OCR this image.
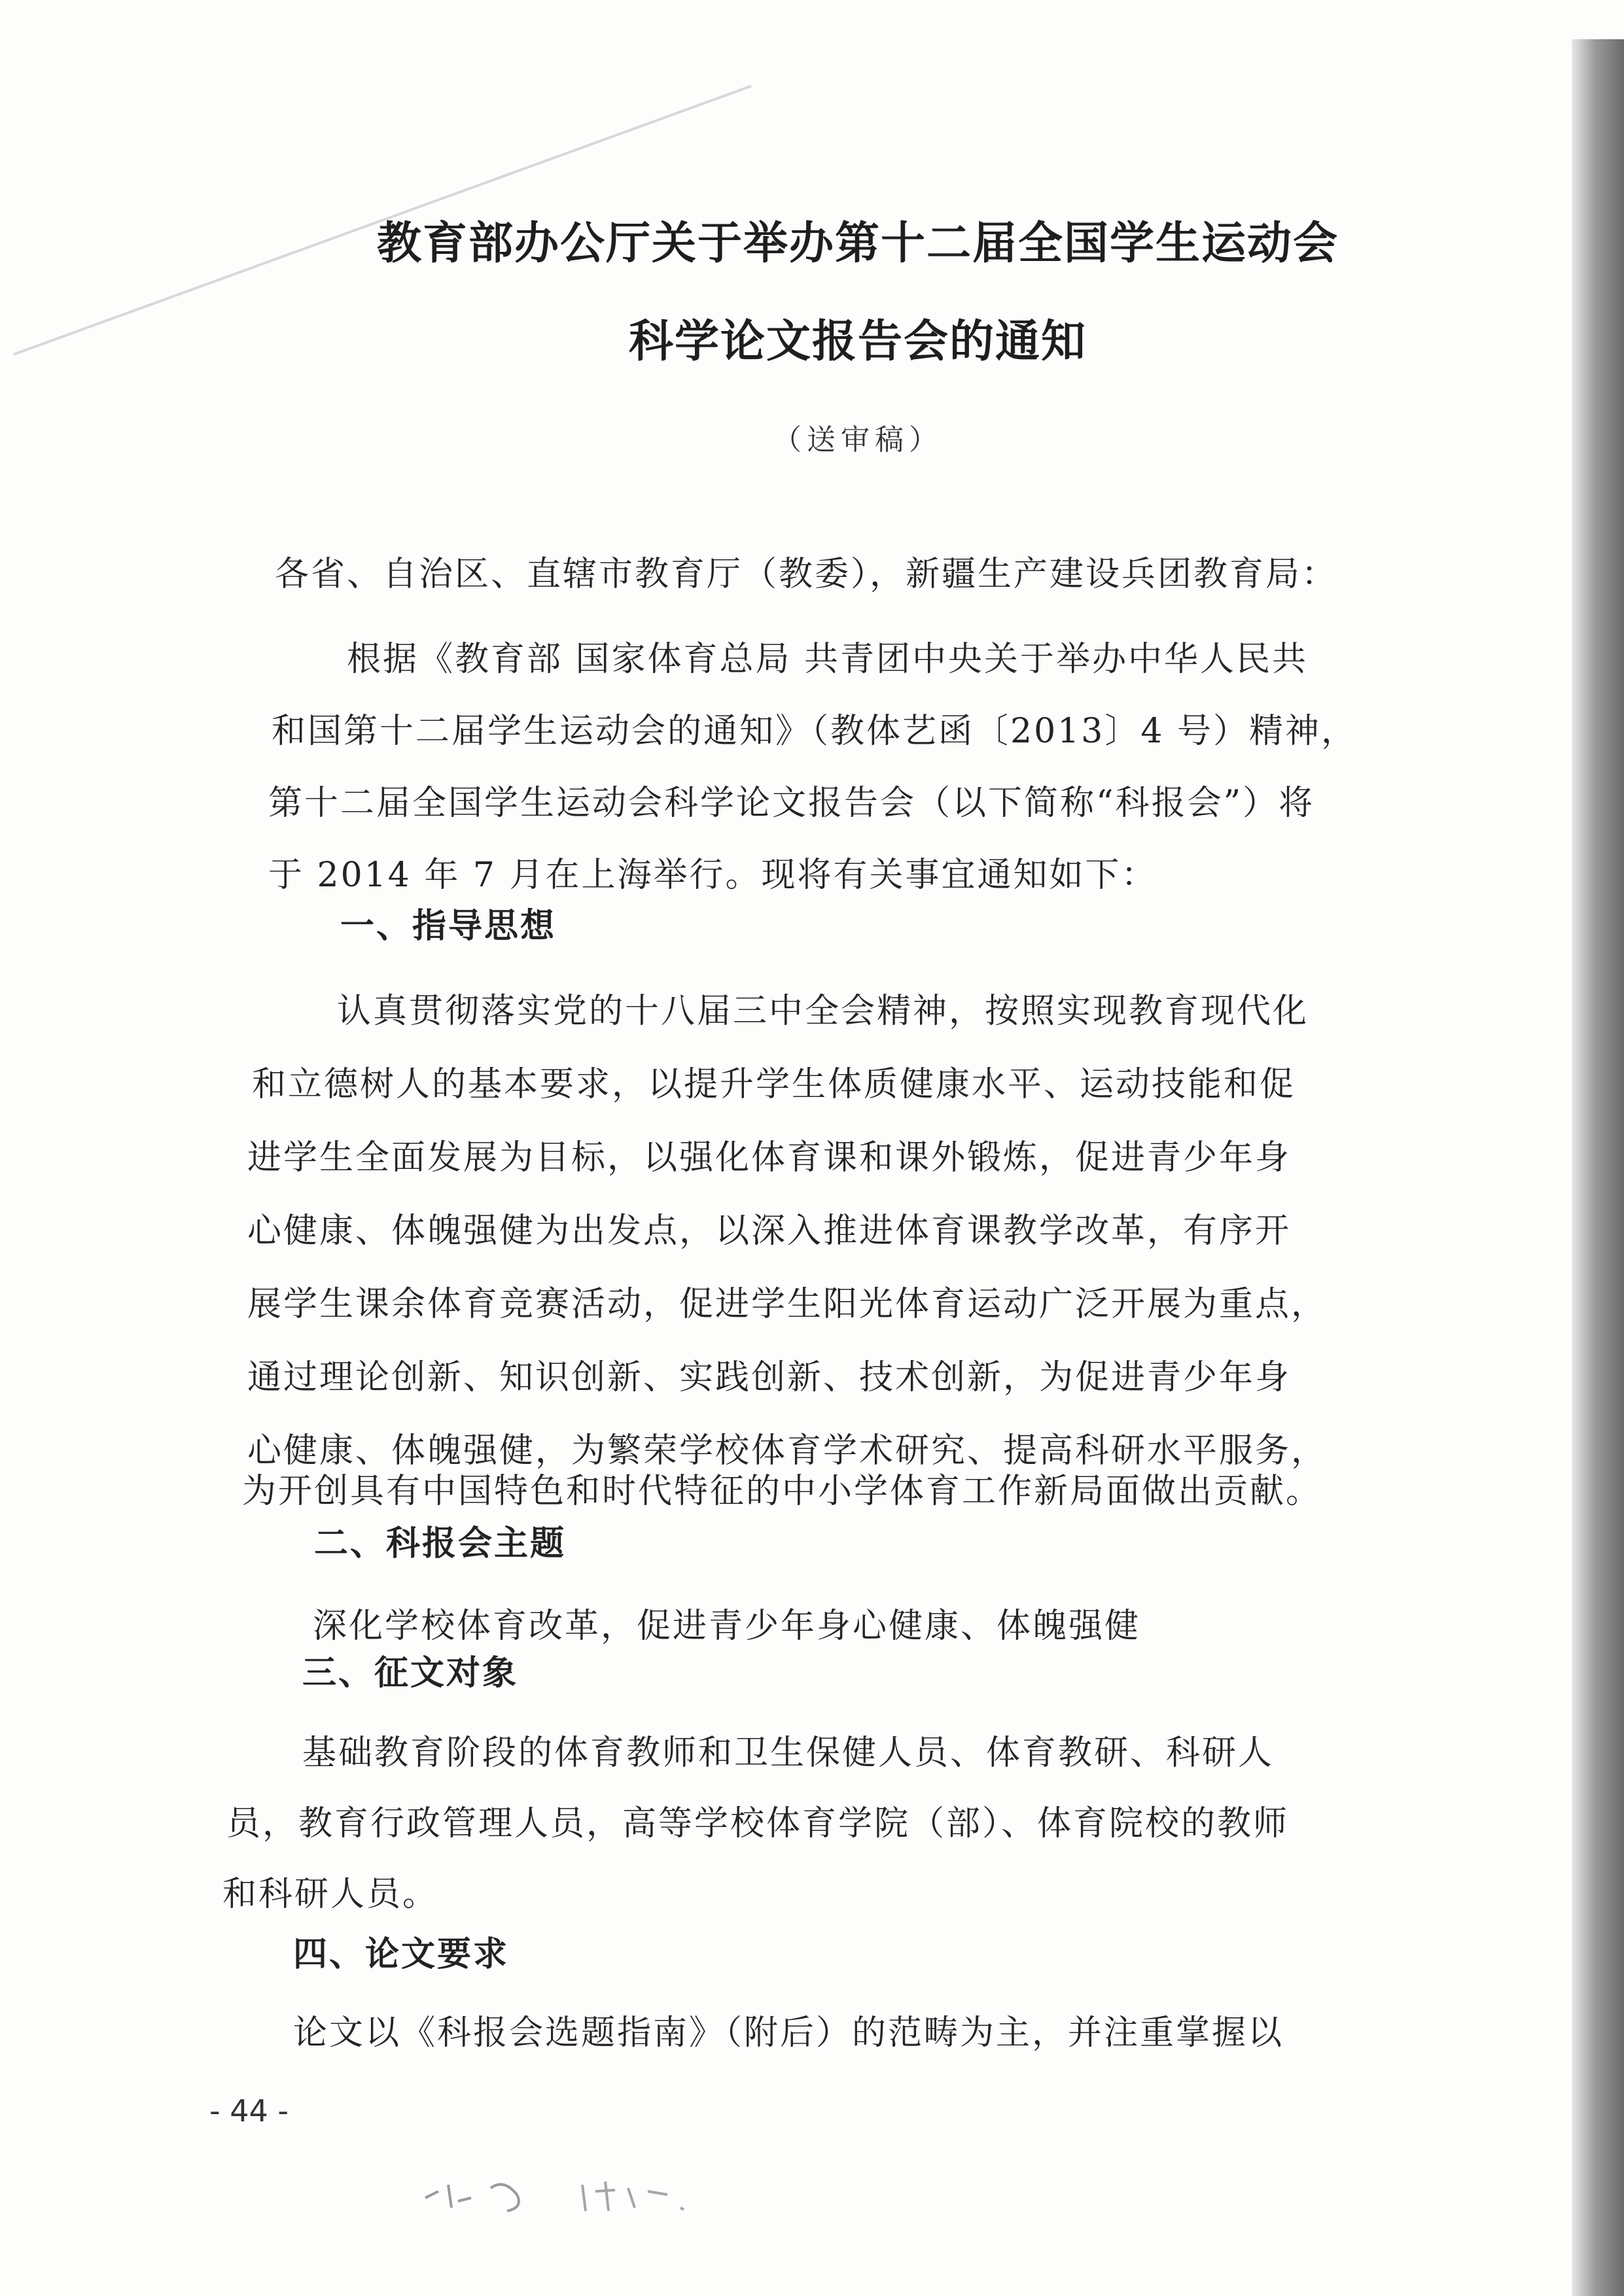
教育部办公厅关于举办第十二届全国学生运动会
科学论文报告会的通知
（送审稿）
各省、自治区、直辖市教育厅（教委），新疆生产建设兵团教育局：
根据《教育部 国家体育总局 共青团中央关于举办中华人民共
和国第十二届学生运动会的通知》（教体艺函〔2013〕4 号）精神，
第十二届全国学生运动会科学论文报告会（以下简称“科报会”）将
于 2014 年 7 月在上海举行。现将有关事宜通知如下：
一、指导思想
认真贯彻落实党的十八届三中全会精神，按照实现教育现代化
和立德树人的基本要求，以提升学生体质健康水平、运动技能和促
进学生全面发展为目标，以强化体育课和课外锻炼，促进青少年身
心健康、体魄强健为出发点，以深入推进体育课教学改革，有序开
展学生课余体育竞赛活动，促进学生阳光体育运动广泛开展为重点，
通过理论创新、知识创新、实践创新、技术创新，为促进青少年身
心健康、体魄强健，为繁荣学校体育学术研究、提高科研水平服务，
为开创具有中国特色和时代特征的中小学体育工作新局面做出贡献。
二、科报会主题
深化学校体育改革，促进青少年身心健康、体魄强健
三、征文对象
基础教育阶段的体育教师和卫生保健人员、体育教研、科研人
员，教育行政管理人员，高等学校体育学院（部）、体育院校的教师
和科研人员。
四、论文要求
论文以《科报会选题指南》（附后）的范畴为主，并注重掌握以
- 44 -
